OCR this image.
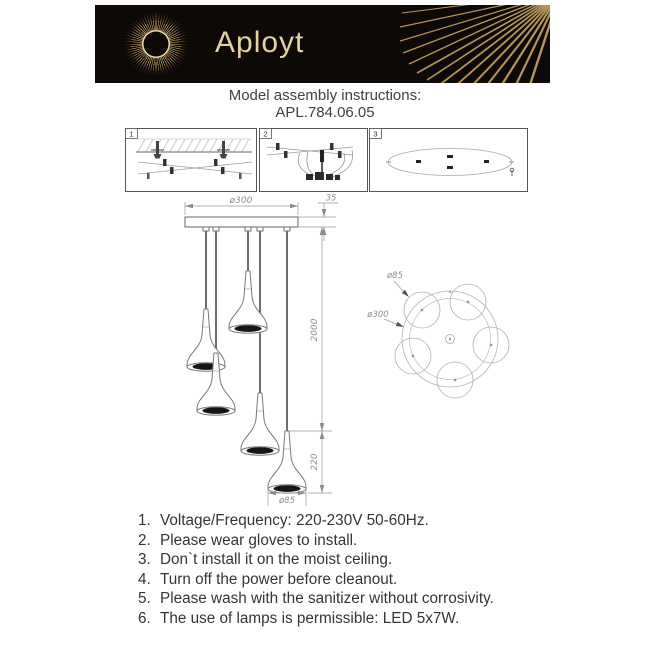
Aployt
Model assembly instructions:
APL.784.06.05
1	2	3
ø300	35
2000
220
ø85
ø85
ø300
1. Voltage/Frequency: 220-230V 50-60Hz.
2. Please wear gloves to install.
3. Don`t install it on the moist ceiling.
4. Turn off the power before cleanout.
5. Please wash with the sanitizer without corrosivity.
6. The use of lamps is permissible: LED 5x7W.
